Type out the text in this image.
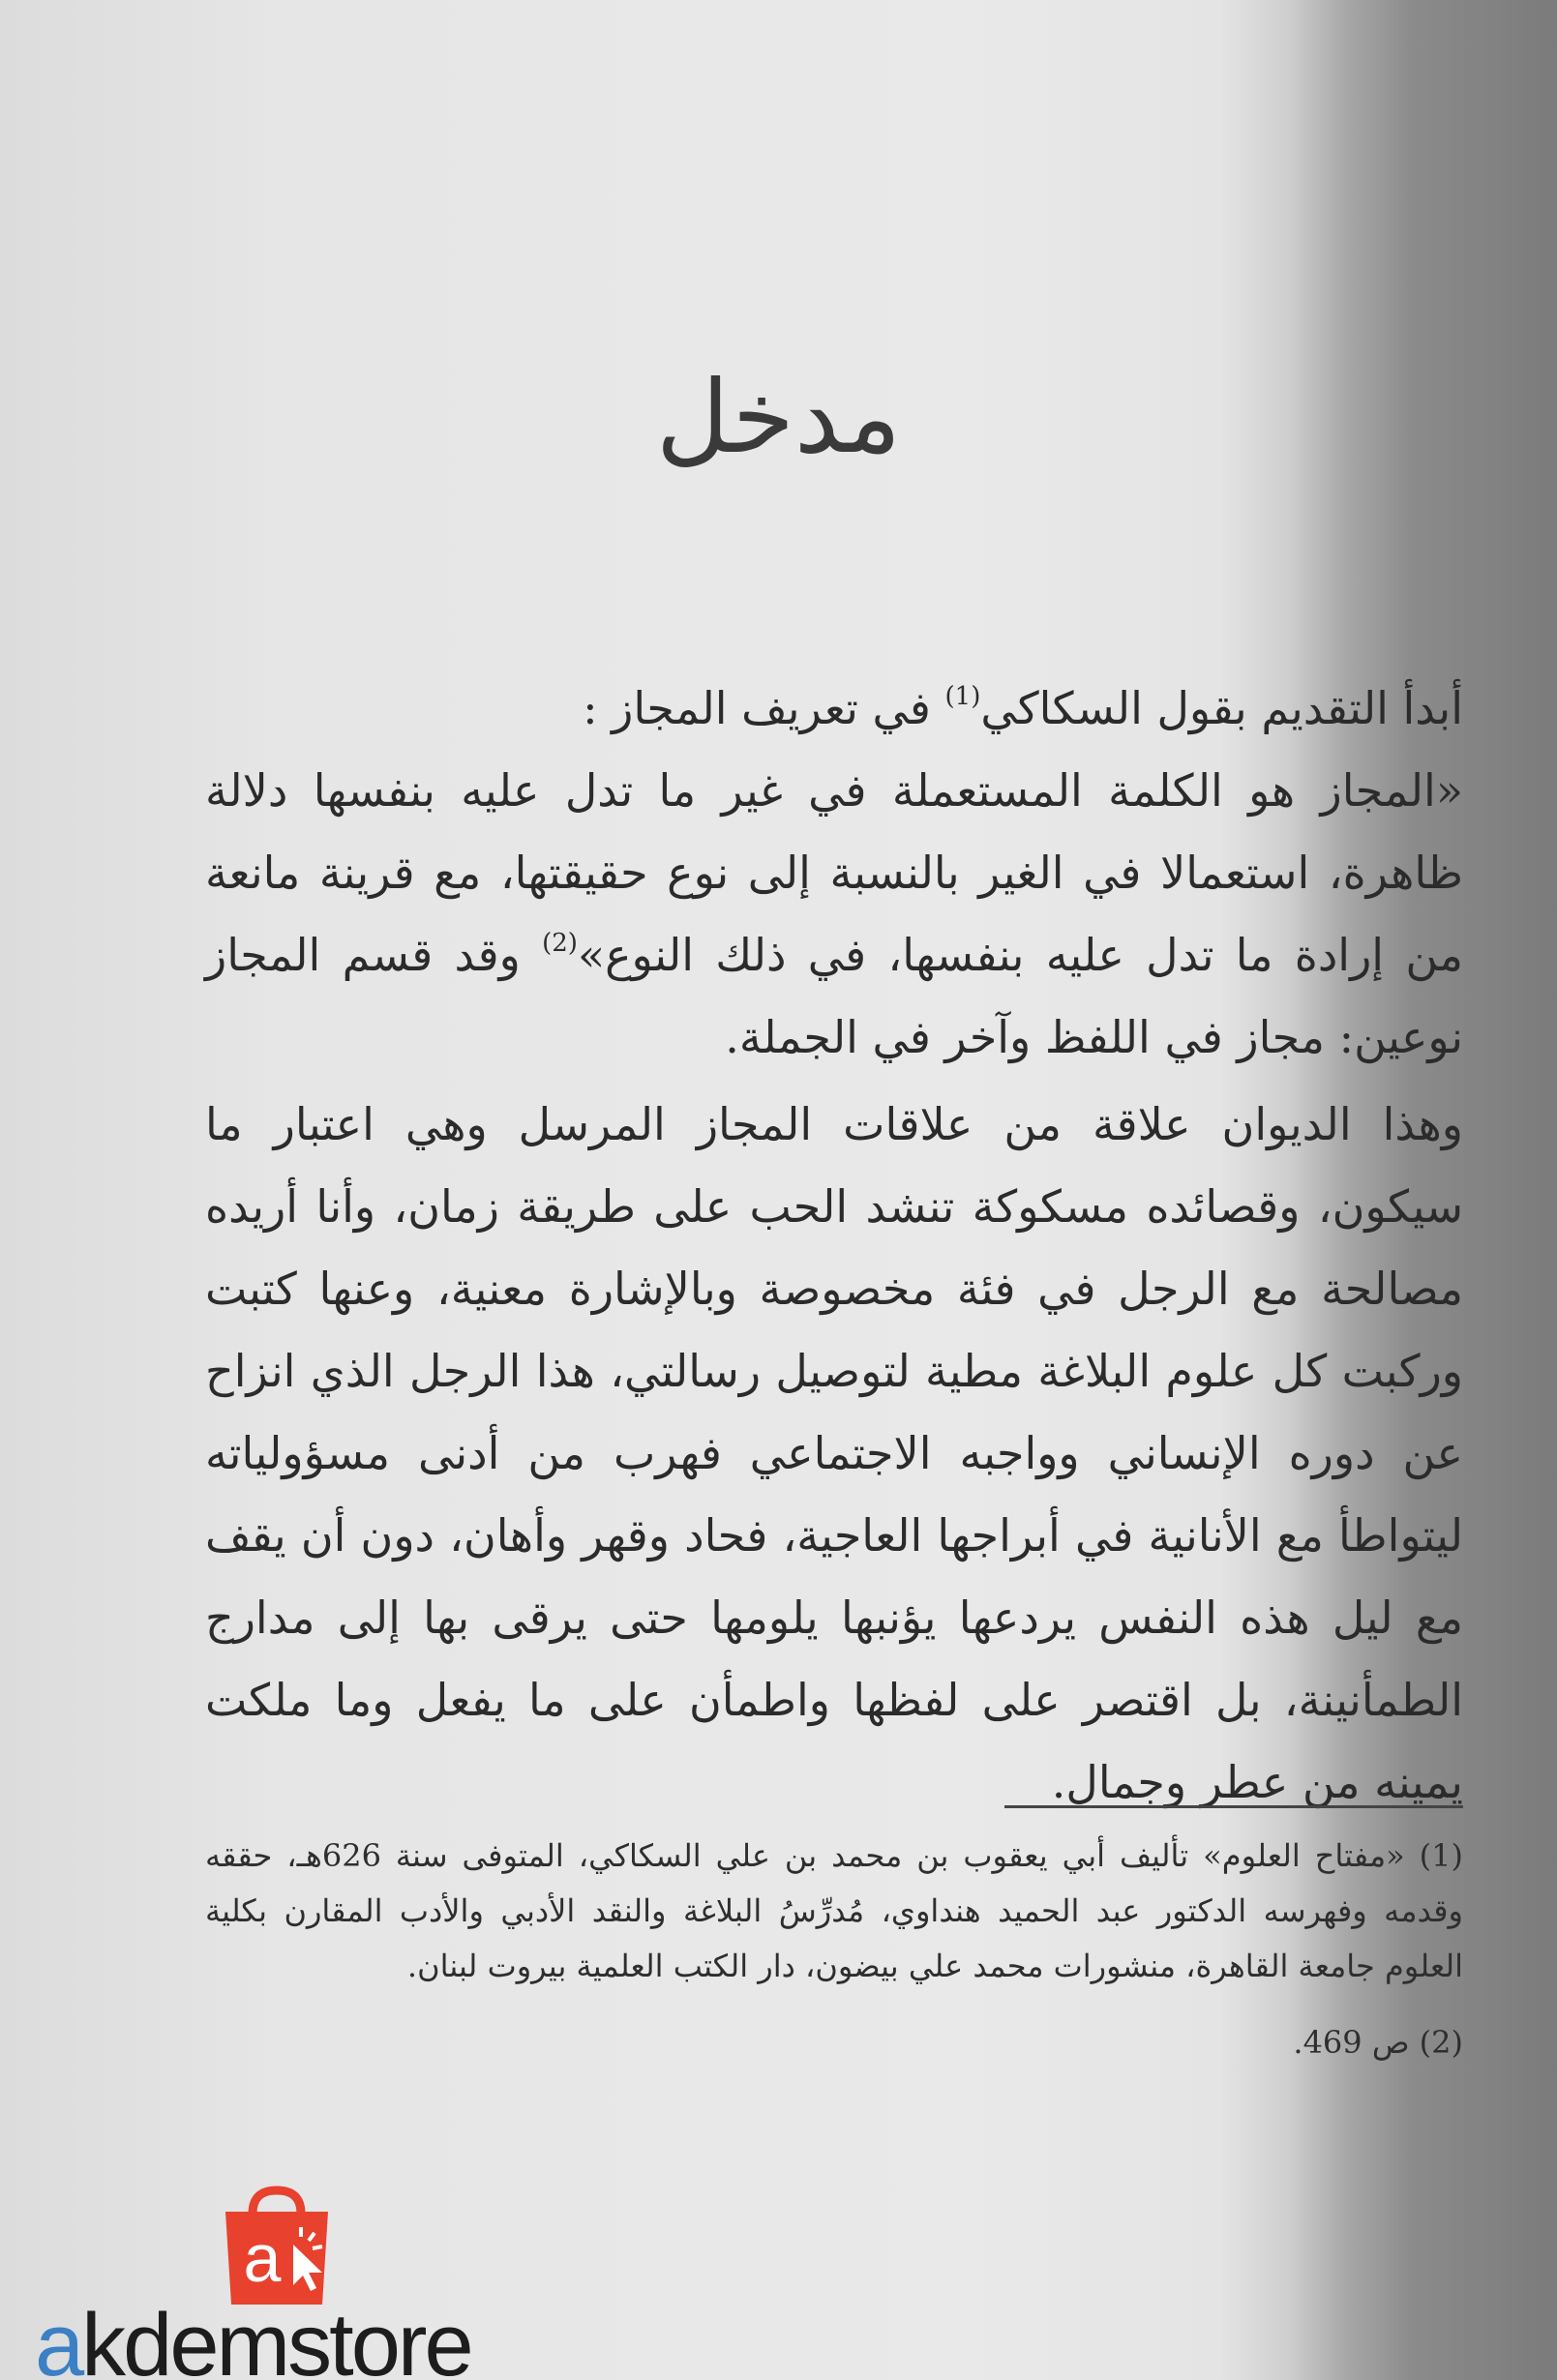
مدخل

أبدأ التقديم بقول السكاكي$^{(1)}$ في تعريف المجاز :

«المجاز هو الكلمة المستعملة في غير ما تدل عليه بنفسها دلالة ظاهرة، استعمالا في الغير بالنسبة إلى نوع حقيقتها، مع قرينة مانعة من إرادة ما تدل عليه بنفسها، في ذلك النوع»$^{(2)}$ وقد قسم المجاز نوعين: مجاز في اللفظ وآخر في الجملة.

وهذا الديوان علاقة من علاقات المجاز المرسل وهي اعتبار ما سيكون، وقصائده مسكوكة تنشد الحب على طريقة زمان، وأنا أريده مصالحة مع الرجل في فئة مخصوصة وبالإشارة معنية، وعنها كتبت وركبت كل علوم البلاغة مطية لتوصيل رسالتي، هذا الرجل الذي انزاح عن دوره الإنساني وواجبه الاجتماعي فهرب من أدنى مسؤولياته ليتواطأ مع الأنانية في أبراجها العاجية، فحاد وقهر وأهان، دون أن يقف مع ليل هذه النفس يردعها يؤنبها يلومها حتى يرقى بها إلى مدارج الطمأنينة، بل اقتصر على لفظها واطمأن على ما يفعل وما ملكت يمينه من عطر وجمال.

(1) «مفتاح العلوم» تأليف أبي يعقوب بن محمد بن علي السكاكي، المتوفى سنة 626هـ، حققه وقدمه وفهرسه الدكتور عبد الحميد هنداوي، مُدرِّسُ البلاغة والنقد الأدبي والأدب المقارن بكلية العلوم جامعة القاهرة، منشورات محمد علي بيضون، دار الكتب العلمية بيروت لبنان.

(2) ص 469.

a
akdemstore
